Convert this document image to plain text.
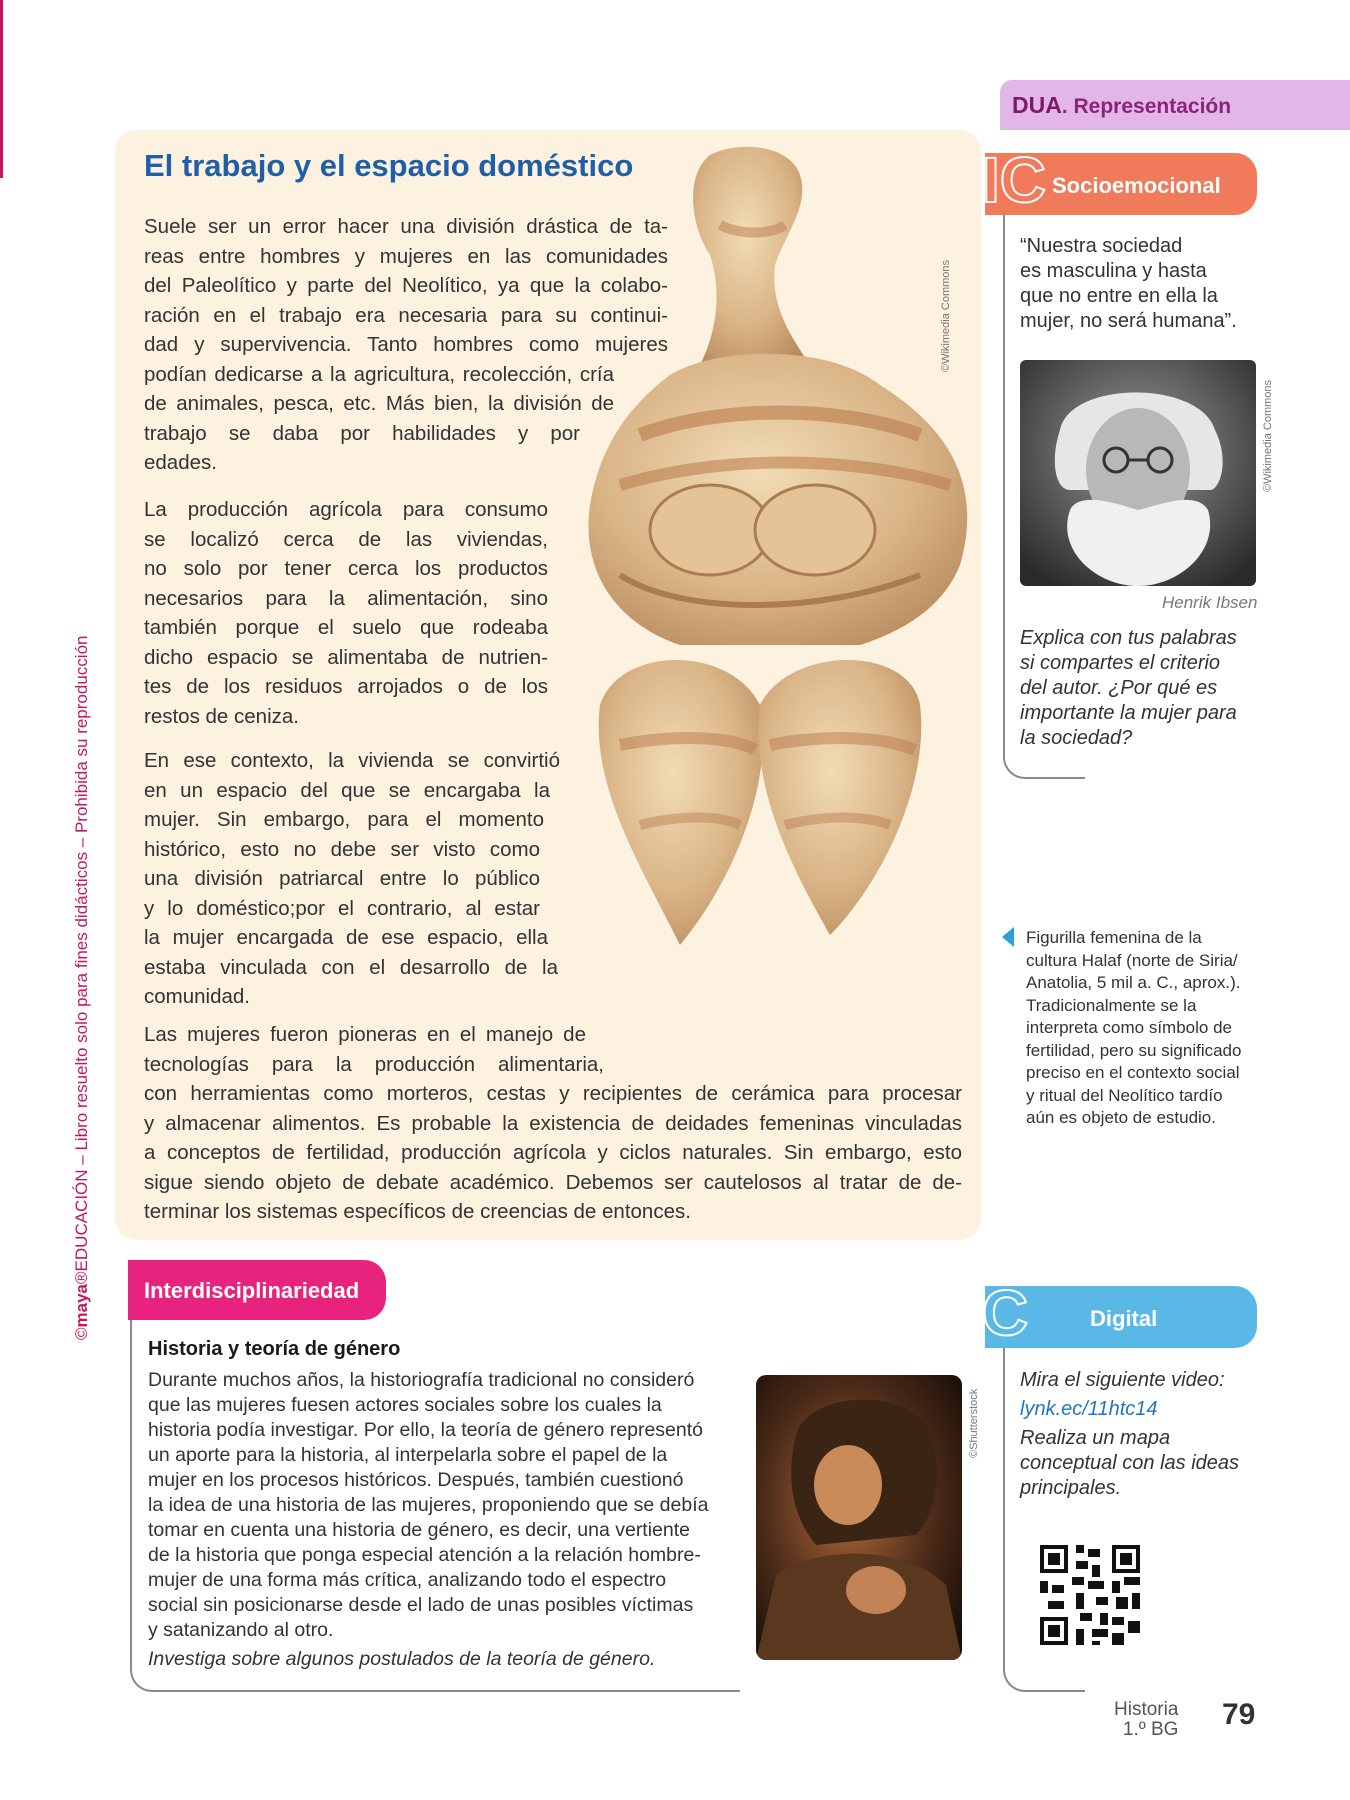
©maya®EDUCACIÓN – Libro resuelto solo para fines didácticos – Prohibida su reproducción
El trabajo y el espacio doméstico
©Wikimedia Commons
Suele ser un error hacer una división drástica de ta-
reas entre hombres y mujeres en las comunidades
del Paleolítico y parte del Neolítico, ya que la colabo-
ración en el trabajo era necesaria para su continui-
dad y supervivencia. Tanto hombres como mujeres
podían dedicarse a la agricultura, recolección, cría
de animales, pesca, etc. Más bien, la división de
trabajo se daba por habilidades y por
edades.
La producción agrícola para consumo
se localizó cerca de las viviendas,
no solo por tener cerca los productos
necesarios para la alimentación, sino
también porque el suelo que rodeaba
dicho espacio se alimentaba de nutrien-
tes de los residuos arrojados o de los
restos de ceniza.
En ese contexto, la vivienda se convirtió
en un espacio del que se encargaba la
mujer. Sin embargo, para el momento
histórico, esto no debe ser visto como
una división patriarcal entre lo público
y lo doméstico;por el contrario, al estar
la mujer encargada de ese espacio, ella
estaba vinculada con el desarrollo de la
comunidad.
Las mujeres fueron pioneras en el manejo de
tecnologías para la producción alimentaria,
con herramientas como morteros, cestas y recipientes de cerámica para procesar
y almacenar alimentos. Es probable la existencia de deidades femeninas vinculadas
a conceptos de fertilidad, producción agrícola y ciclos naturales. Sin embargo, esto
sigue siendo objeto de debate académico. Debemos ser cautelosos al tratar de de-
terminar los sistemas específicos de creencias de entonces.
DUA. Representación
IC Socioemocional
“Nuestra sociedad
es masculina y hasta
que no entre en ella la
mujer, no será humana”.
©Wikimedia Commons
Henrik Ibsen
Explica con tus palabras
si compartes el criterio
del autor. ¿Por qué es
importante la mujer para
la sociedad?
Figurilla femenina de la
cultura Halaf (norte de Siria/
Anatolia, 5 mil a. C., aprox.).
Tradicionalmente se la
interpreta como símbolo de
fertilidad, pero su significado
preciso en el contexto social
y ritual del Neolítico tardío
aún es objeto de estudio.
Interdisciplinariedad
Historia y teoría de género
Durante muchos años, la historiografía tradicional no consideró
que las mujeres fuesen actores sociales sobre los cuales la
historia podía investigar. Por ello, la teoría de género representó
un aporte para la historia, al interpelarla sobre el papel de la
mujer en los procesos históricos. Después, también cuestionó
la idea de una historia de las mujeres, proponiendo que se debía
tomar en cuenta una historia de género, es decir, una vertiente
de la historia que ponga especial atención a la relación hombre-
mujer de una forma más crítica, analizando todo el espectro
social sin posicionarse desde el lado de unas posibles víctimas
y satanizando al otro.
Investiga sobre algunos postulados de la teoría de género.
©Shutterstock
C	Digital
Mira el siguiente video:
lynk.ec/11htc14
Realiza un mapa
conceptual con las ideas
principales.
Historia
1.º BG 79
